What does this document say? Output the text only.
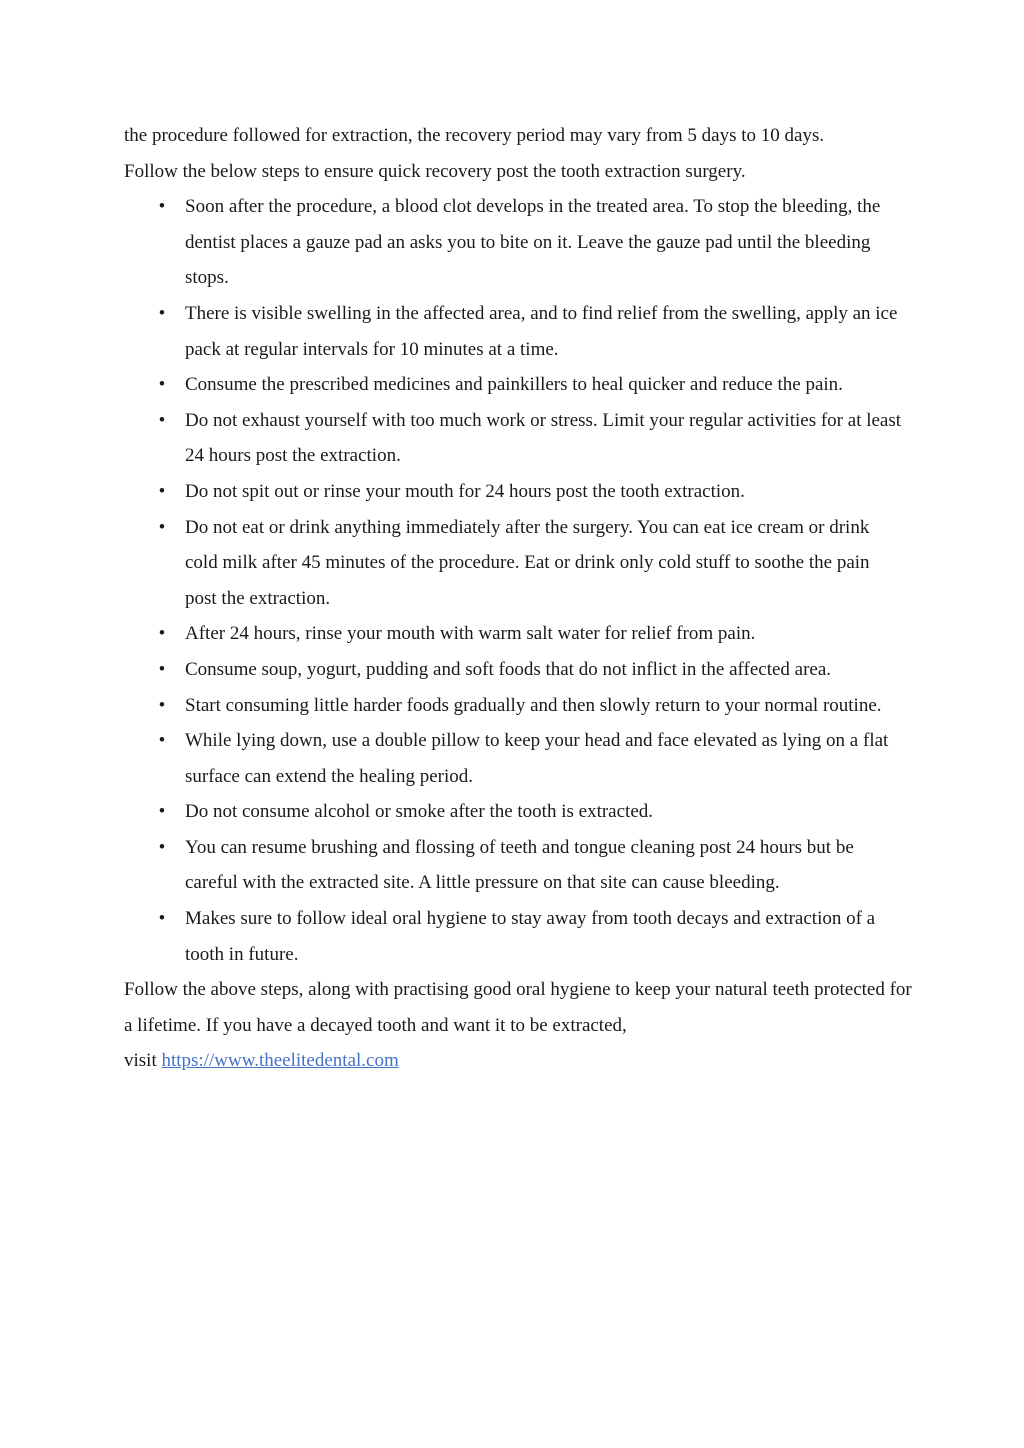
the procedure followed for extraction, the recovery period may vary from 5 days to 10 days.

Follow the below steps to ensure quick recovery post the tooth extraction surgery.

• Soon after the procedure, a blood clot develops in the treated area. To stop the bleeding, the dentist places a gauze pad an asks you to bite on it. Leave the gauze pad until the bleeding stops.
• There is visible swelling in the affected area, and to find relief from the swelling, apply an ice pack at regular intervals for 10 minutes at a time.
• Consume the prescribed medicines and painkillers to heal quicker and reduce the pain.
• Do not exhaust yourself with too much work or stress. Limit your regular activities for at least 24 hours post the extraction.
• Do not spit out or rinse your mouth for 24 hours post the tooth extraction.
• Do not eat or drink anything immediately after the surgery. You can eat ice cream or drink cold milk after 45 minutes of the procedure. Eat or drink only cold stuff to soothe the pain post the extraction.
• After 24 hours, rinse your mouth with warm salt water for relief from pain.
• Consume soup, yogurt, pudding and soft foods that do not inflict in the affected area.
• Start consuming little harder foods gradually and then slowly return to your normal routine.
• While lying down, use a double pillow to keep your head and face elevated as lying on a flat surface can extend the healing period.
• Do not consume alcohol or smoke after the tooth is extracted.
• You can resume brushing and flossing of teeth and tongue cleaning post 24 hours but be careful with the extracted site. A little pressure on that site can cause bleeding.
• Makes sure to follow ideal oral hygiene to stay away from tooth decays and extraction of a tooth in future.

Follow the above steps, along with practising good oral hygiene to keep your natural teeth protected for a lifetime. If you have a decayed tooth and want it to be extracted,
visit https://www.theelitedental.com
